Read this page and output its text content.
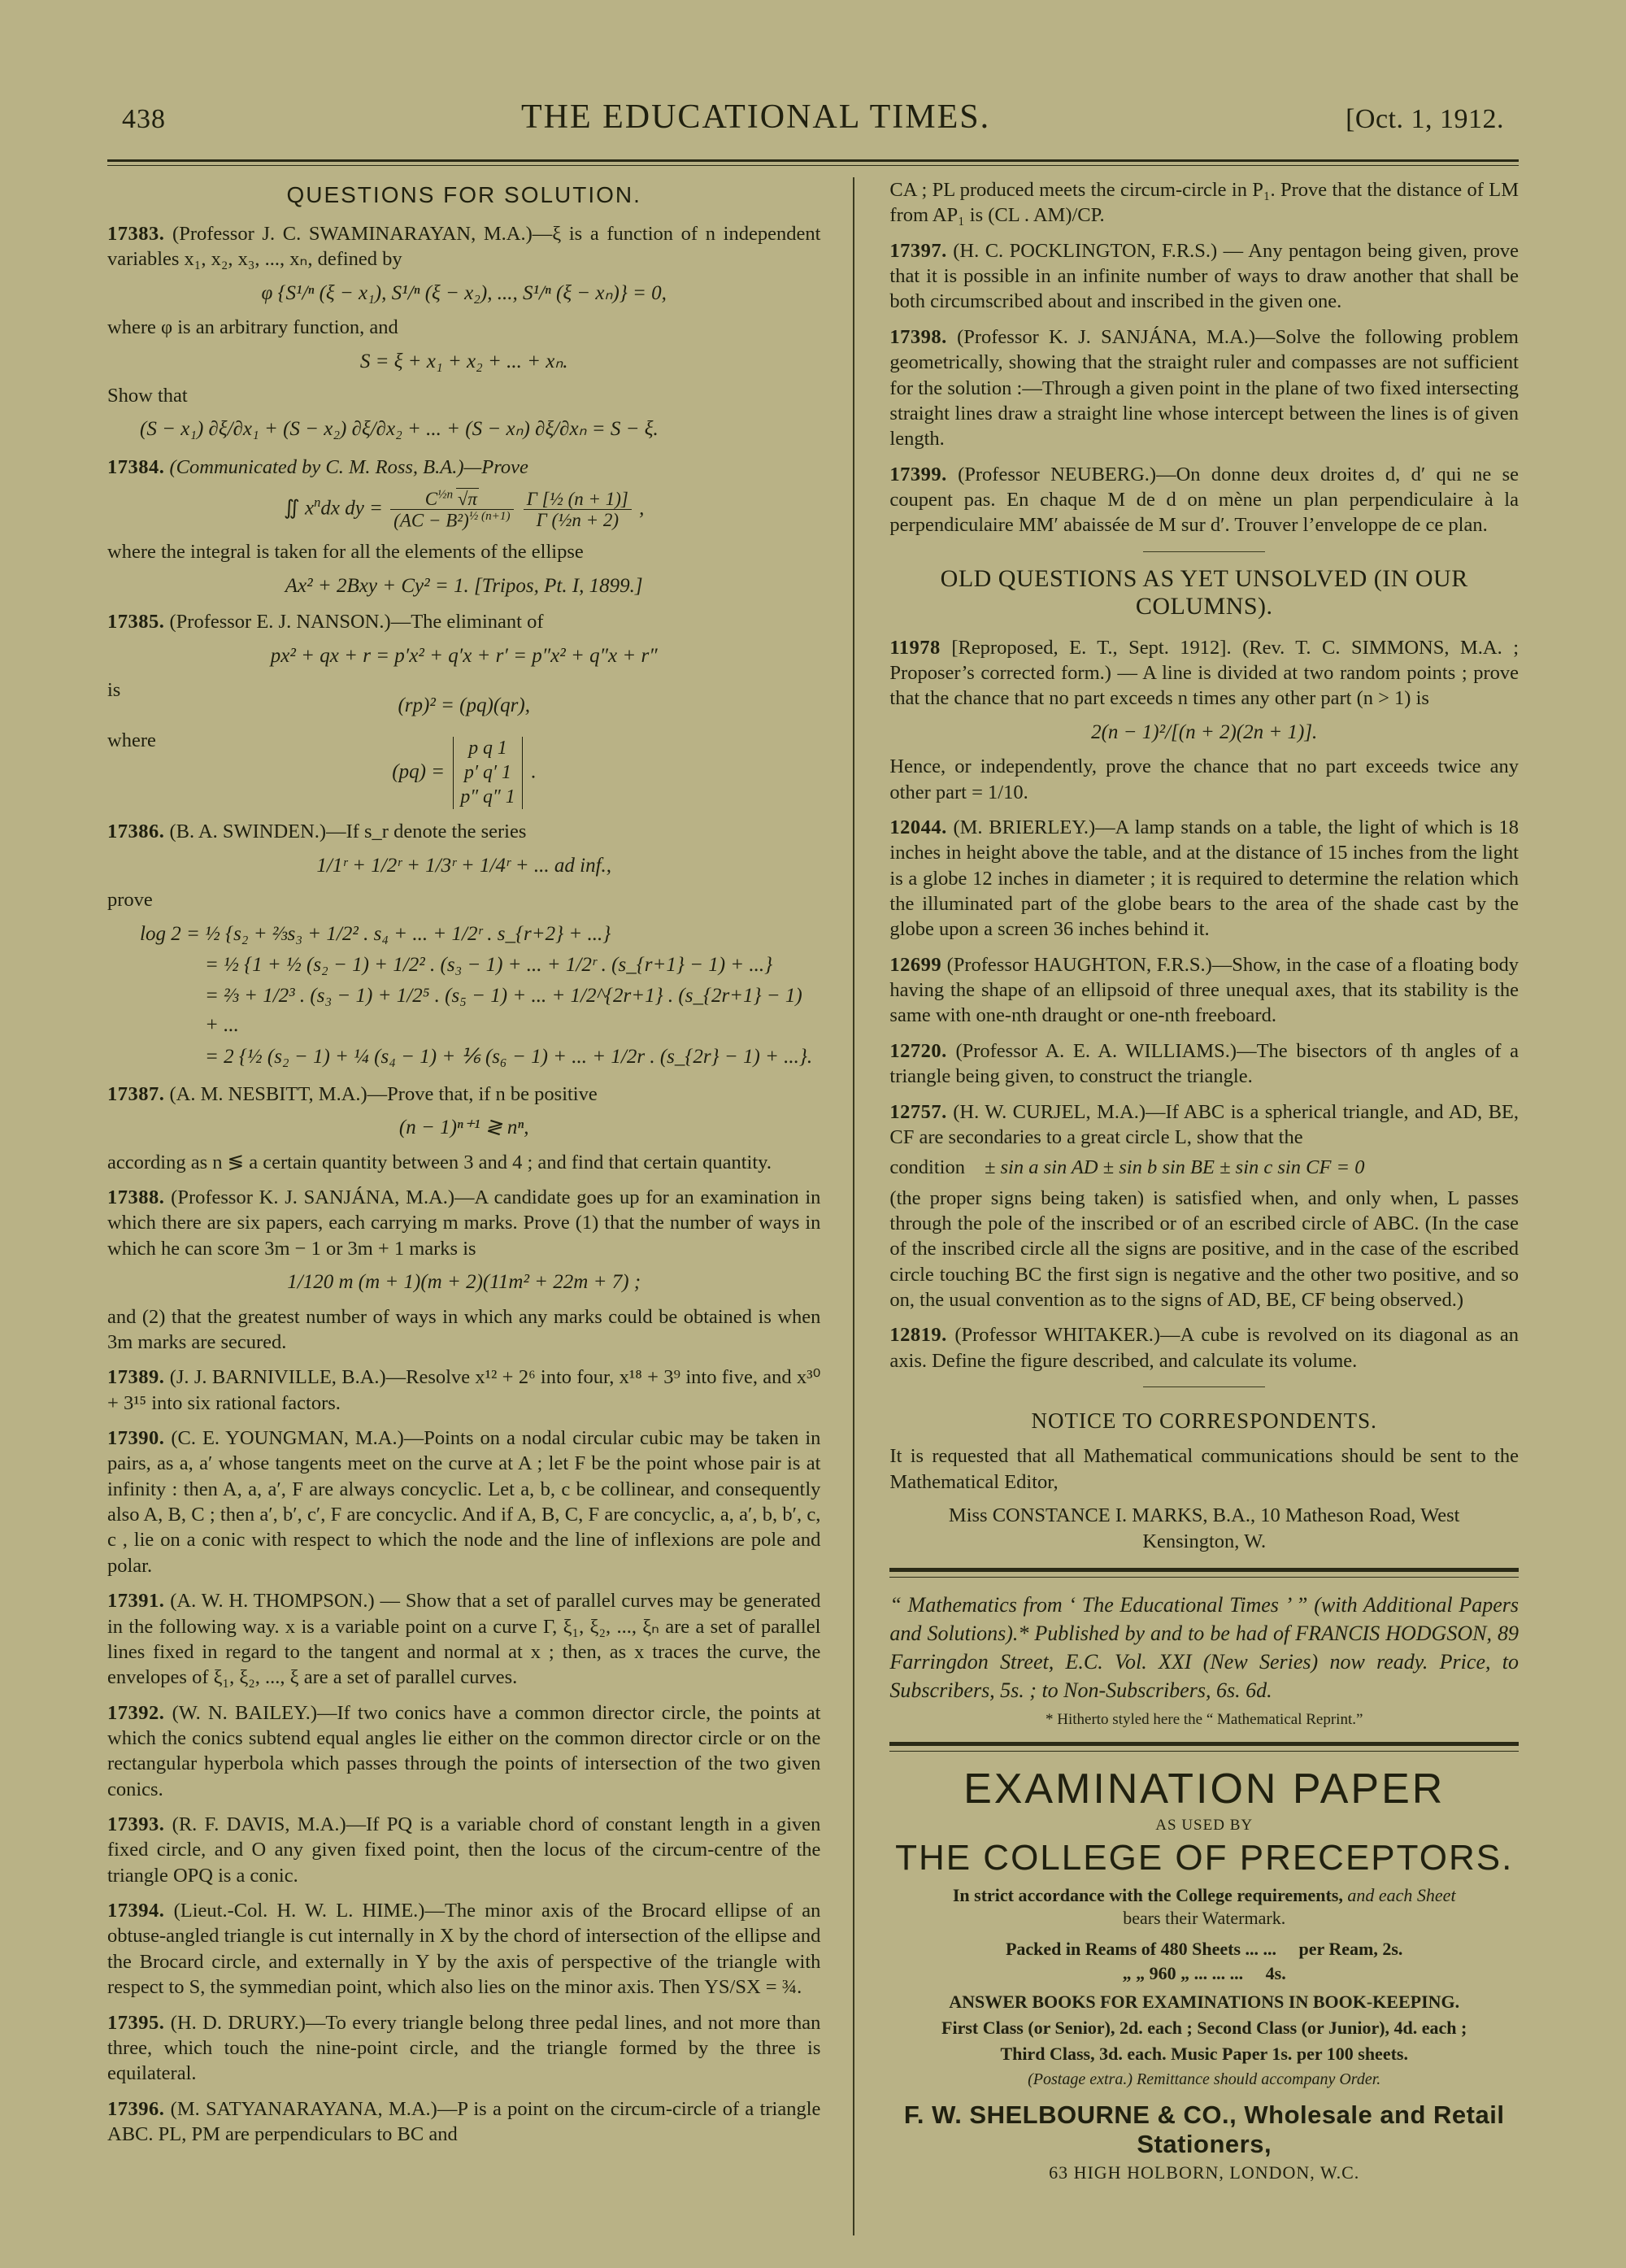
438	THE EDUCATIONAL TIMES.	[Oct. 1, 1912.
QUESTIONS FOR SOLUTION.

17383. (Professor J. C. SWAMINARAYAN, M.A.)—ξ is a function of n independent variables x₁, x₂, x₃, ..., xₙ, defined by

φ {S¹/ⁿ (ξ − x₁), S¹/ⁿ (ξ − x₂), ..., S¹/ⁿ (ξ − xₙ)} = 0,

where φ is an arbitrary function, and

S = ξ + x₁ + x₂ + ... + xₙ.

Show that

(S − x₁) ∂ξ/∂x₁ + (S − x₂) ∂ξ/∂x₂ + ... + (S − xₙ) ∂ξ/∂xₙ = S − ξ.

17384. (Communicated by C. M. Ross, B.A.)—Prove

∬ $x^ndx$ dy = $\frac{C^{\frac{1}{2}n} √\pi}{(AC - B^2)^{\frac{1}{2} (n+1)}}$
$\frac{\text{Γ [½ (n + 1)]}}{\text{Γ (½n + 2)}}$ ,

where the integral is taken for all the elements of the ellipse

Ax² + 2Bxy + Cy² = 1. [Tripos, Pt. I, 1899.]

17385. (Professor E. J. NANSON.)—The eliminant of

px² + qx + r = p′x² + q′x + r′ = p″x² + q″x + r″

is

(rp)² = (pq)(qr),

where

(pq) =
p q 1
p′ q′ 1
p″ q″ 1
.

17386. (B. A. SWINDEN.)—If s_r denote the series

1/1ʳ + 1/2ʳ + 1/3ʳ + 1/4ʳ + ... ad inf.,

prove

log 2 = ½ {s₂ + ⅔s₃ + 1/2² . s₄ + ... + 1/2ʳ . s_{r+2} + ...}
= ½ {1 + ½ (s₂ − 1) + 1/2² . (s₃ − 1) + ... + 1/2ʳ . (s_{r+1} − 1) + ...}
= ⅔ + 1/2³ . (s₃ − 1) + 1/2⁵ . (s₅ − 1) + ... + 1/2^{2r+1} . (s_{2r+1} − 1) + ...
= 2 {½ (s₂ − 1) + ¼ (s₄ − 1) + ⅙ (s₆ − 1) + ... + 1/2r . (s_{2r} − 1) + ...}.

17387. (A. M. NESBITT, M.A.)—Prove that, if n be positive

(n − 1)ⁿ⁺¹ ≷ nⁿ,

according as n ≶ a certain quantity between 3 and 4 ; and find that certain quantity.

17388. (Professor K. J. SANJÁNA, M.A.)—A candidate goes up for an examination in which there are six papers, each carrying m marks. Prove (1) that the number of ways in which he can score 3m − 1 or 3m + 1 marks is

1/120 m (m + 1)(m + 2)(11m² + 22m + 7) ;

and (2) that the greatest number of ways in which any marks could be obtained is when 3m marks are secured.

17389. (J. J. BARNIVILLE, B.A.)—Resolve x¹² + 2⁶ into four, x¹⁸ + 3⁹ into five, and x³⁰ + 3¹⁵ into six rational factors.

17390. (C. E. YOUNGMAN, M.A.)—Points on a nodal circular cubic may be taken in pairs, as a, a′ whose tangents meet on the curve at A ; let F be the point whose pair is at infinity : then A, a, a′, F are always concyclic. Let a, b, c be collinear, and consequently also A, B, C ; then a′, b′, c′, F are concyclic. And if A, B, C, F are concyclic, a, a′, b, b′, c, c , lie on a conic with respect to which the node and the line of inflexions are pole and polar.

17391. (A. W. H. THOMPSON.) — Show that a set of parallel curves may be generated in the following way. x is a variable point on a curve Γ, ξ₁, ξ₂, ..., ξₙ are a set of parallel lines fixed in regard to the tangent and normal at x ; then, as x traces the curve, the envelopes of ξ₁, ξ₂, ..., ξ are a set of parallel curves.

17392. (W. N. BAILEY.)—If two conics have a common director circle, the points at which the conics subtend equal angles lie either on the common director circle or on the rectangular hyperbola which passes through the points of intersection of the two given conics.

17393. (R. F. DAVIS, M.A.)—If PQ is a variable chord of constant length in a given fixed circle, and O any given fixed point, then the locus of the circum-centre of the triangle OPQ is a conic.

17394. (Lieut.-Col. H. W. L. HIME.)—The minor axis of the Brocard ellipse of an obtuse-angled triangle is cut internally in X by the chord of intersection of the ellipse and the Brocard circle, and externally in Y by the axis of perspective of the triangle with respect to S, the symmedian point, which also lies on the minor axis. Then YS/SX = ¾.

17395. (H. D. DRURY.)—To every triangle belong three pedal lines, and not more than three, which touch the nine-point circle, and the triangle formed by the three is equilateral.

17396. (M. SATYANARAYANA, M.A.)—P is a point on the circum-circle of a triangle ABC. PL, PM are perpendiculars to BC and

CA ; PL produced meets the circum-circle in P₁. Prove that the distance of LM from AP₁ is (CL . AM)/CP.

17397. (H. C. POCKLINGTON, F.R.S.) — Any pentagon being given, prove that it is possible in an infinite number of ways to draw another that shall be both circumscribed about and inscribed in the given one.

17398. (Professor K. J. SANJÁNA, M.A.)—Solve the following problem geometrically, showing that the straight ruler and compasses are not sufficient for the solution :—Through a given point in the plane of two fixed intersecting straight lines draw a straight line whose intercept between the lines is of given length.

17399. (Professor NEUBERG.)—On donne deux droites d, d′ qui ne se coupent pas. En chaque M de d on mène un plan perpendiculaire à la perpendiculaire MM′ abaissée de M sur d′. Trouver l’enveloppe de ce plan.

OLD QUESTIONS AS YET UNSOLVED (IN OUR COLUMNS).

11978 [Reproposed, E. T., Sept. 1912]. (Rev. T. C. SIMMONS, M.A. ; Proposer’s corrected form.) — A line is divided at two random points ; prove that the chance that no part exceeds n times any other part (n > 1) is

2(n − 1)²/[(n + 2)(2n + 1)].

Hence, or independently, prove the chance that no part exceeds twice any other part = 1/10.

12044. (M. BRIERLEY.)—A lamp stands on a table, the light of which is 18 inches in height above the table, and at the distance of 15 inches from the light is a globe 12 inches in diameter ; it is required to determine the relation which the illuminated part of the globe bears to the area of the shade cast by the globe upon a screen 36 inches behind it.

12699 (Professor HAUGHTON, F.R.S.)—Show, in the case of a floating body having the shape of an ellipsoid of three unequal axes, that its stability is the same with one-nth draught or one-nth freeboard.

12720. (Professor A. E. A. WILLIAMS.)—The bisectors of th angles of a triangle being given, to construct the triangle.

12757. (H. W. CURJEL, M.A.)—If ABC is a spherical triangle, and AD, BE, CF are secondaries to a great circle L, show that the

condition ± sin a sin AD ± sin b sin BE ± sin c sin CF = 0

(the proper signs being taken) is satisfied when, and only when, L passes through the pole of the inscribed or of an escribed circle of ABC. (In the case of the inscribed circle all the signs are positive, and in the case of the escribed circle touching BC the first sign is negative and the other two positive, and so on, the usual convention as to the signs of AD, BE, CF being observed.)

12819. (Professor WHITAKER.)—A cube is revolved on its diagonal as an axis. Define the figure described, and calculate its volume.

NOTICE TO CORRESPONDENTS.

It is requested that all Mathematical communications should be sent to the Mathematical Editor,

Miss CONSTANCE I. MARKS, B.A., 10 Matheson Road, West
Kensington, W.

“ Mathematics from ‘ The Educational Times ’ ” (with Additional Papers and Solutions).* Published by and to be had of FRANCIS HODGSON, 89 Farringdon Street, E.C. Vol. XXI (New Series) now ready. Price, to Subscribers, 5s. ; to Non-Subscribers, 6s. 6d.

* Hitherto styled here the “ Mathematical Reprint.”
EXAMINATION PAPER
AS USED BY
THE COLLEGE OF PRECEPTORS.
In strict accordance with the College requirements, and each Sheet
bears their Watermark.
Packed in Reams of 480 Sheets ... ... per Ream, 2s.
„ „ 960 „ ... ... ... 4s.
ANSWER BOOKS FOR EXAMINATIONS IN BOOK-KEEPING.
First Class (or Senior), 2d. each ; Second Class (or Junior), 4d. each ;
Third Class, 3d. each. Music Paper 1s. per 100 sheets.
(Postage extra.) Remittance should accompany Order.
F. W. SHELBOURNE & CO., Wholesale and Retail Stationers,
63 HIGH HOLBORN, LONDON, W.C.
